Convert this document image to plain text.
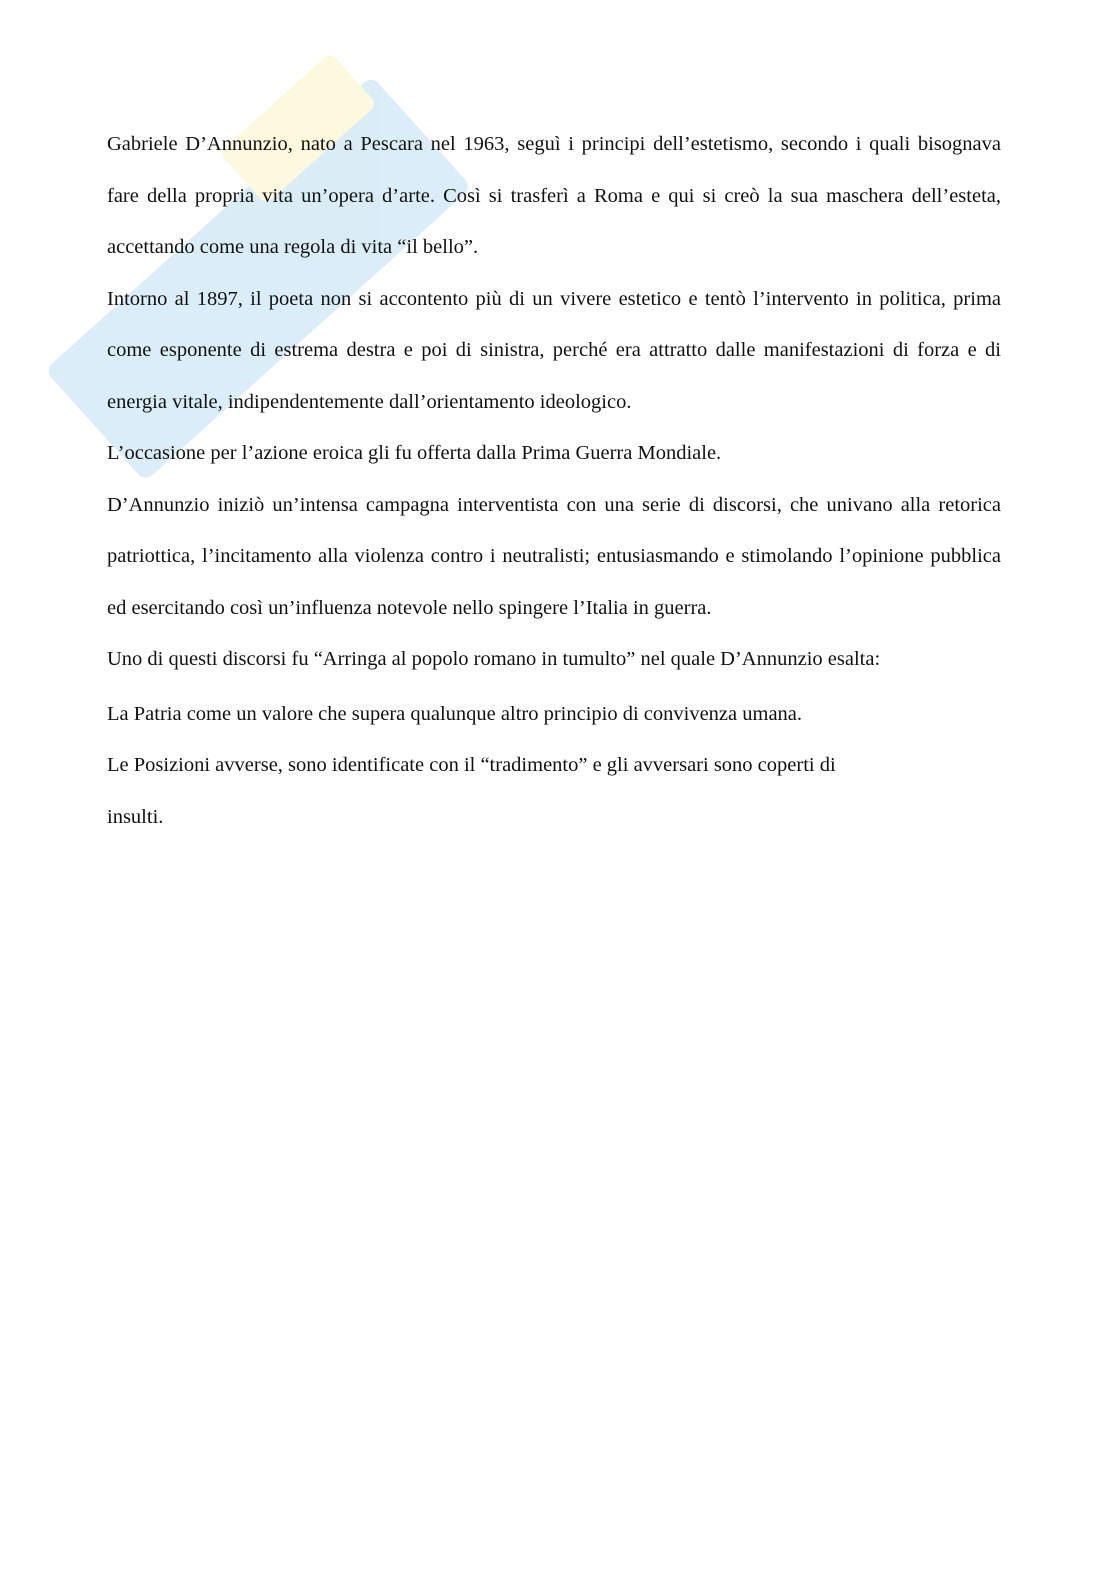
Gabriele D’Annunzio, nato a Pescara nel 1963, seguì i principi dell’estetismo, secondo i quali bisognava fare della propria vita un’opera d’arte. Così si trasferì a Roma e qui si creò la sua maschera dell’esteta, accettando come una regola di vita “il bello”.

Intorno al 1897, il poeta non si accontento più di un vivere estetico e tentò l’intervento in politica, prima come esponente di estrema destra e poi di sinistra, perché era attratto dalle manifestazioni di forza e di energia vitale, indipendentemente dall’orientamento ideologico.

L’occasione per l’azione eroica gli fu offerta dalla Prima Guerra Mondiale.

D’Annunzio iniziò un’intensa campagna interventista con una serie di discorsi, che univano alla retorica patriottica, l’incitamento alla violenza contro i neutralisti; entusiasmando e stimolando l’opinione pubblica ed esercitando così un’influenza notevole nello spingere l’Italia in guerra.

Uno di questi discorsi fu “Arringa al popolo romano in tumulto” nel quale D’Annunzio esalta:

La Patria come un valore che supera qualunque altro principio di convivenza umana.

Le Posizioni avverse, sono identificate con il “tradimento” e gli avversari sono coperti di

insulti.
